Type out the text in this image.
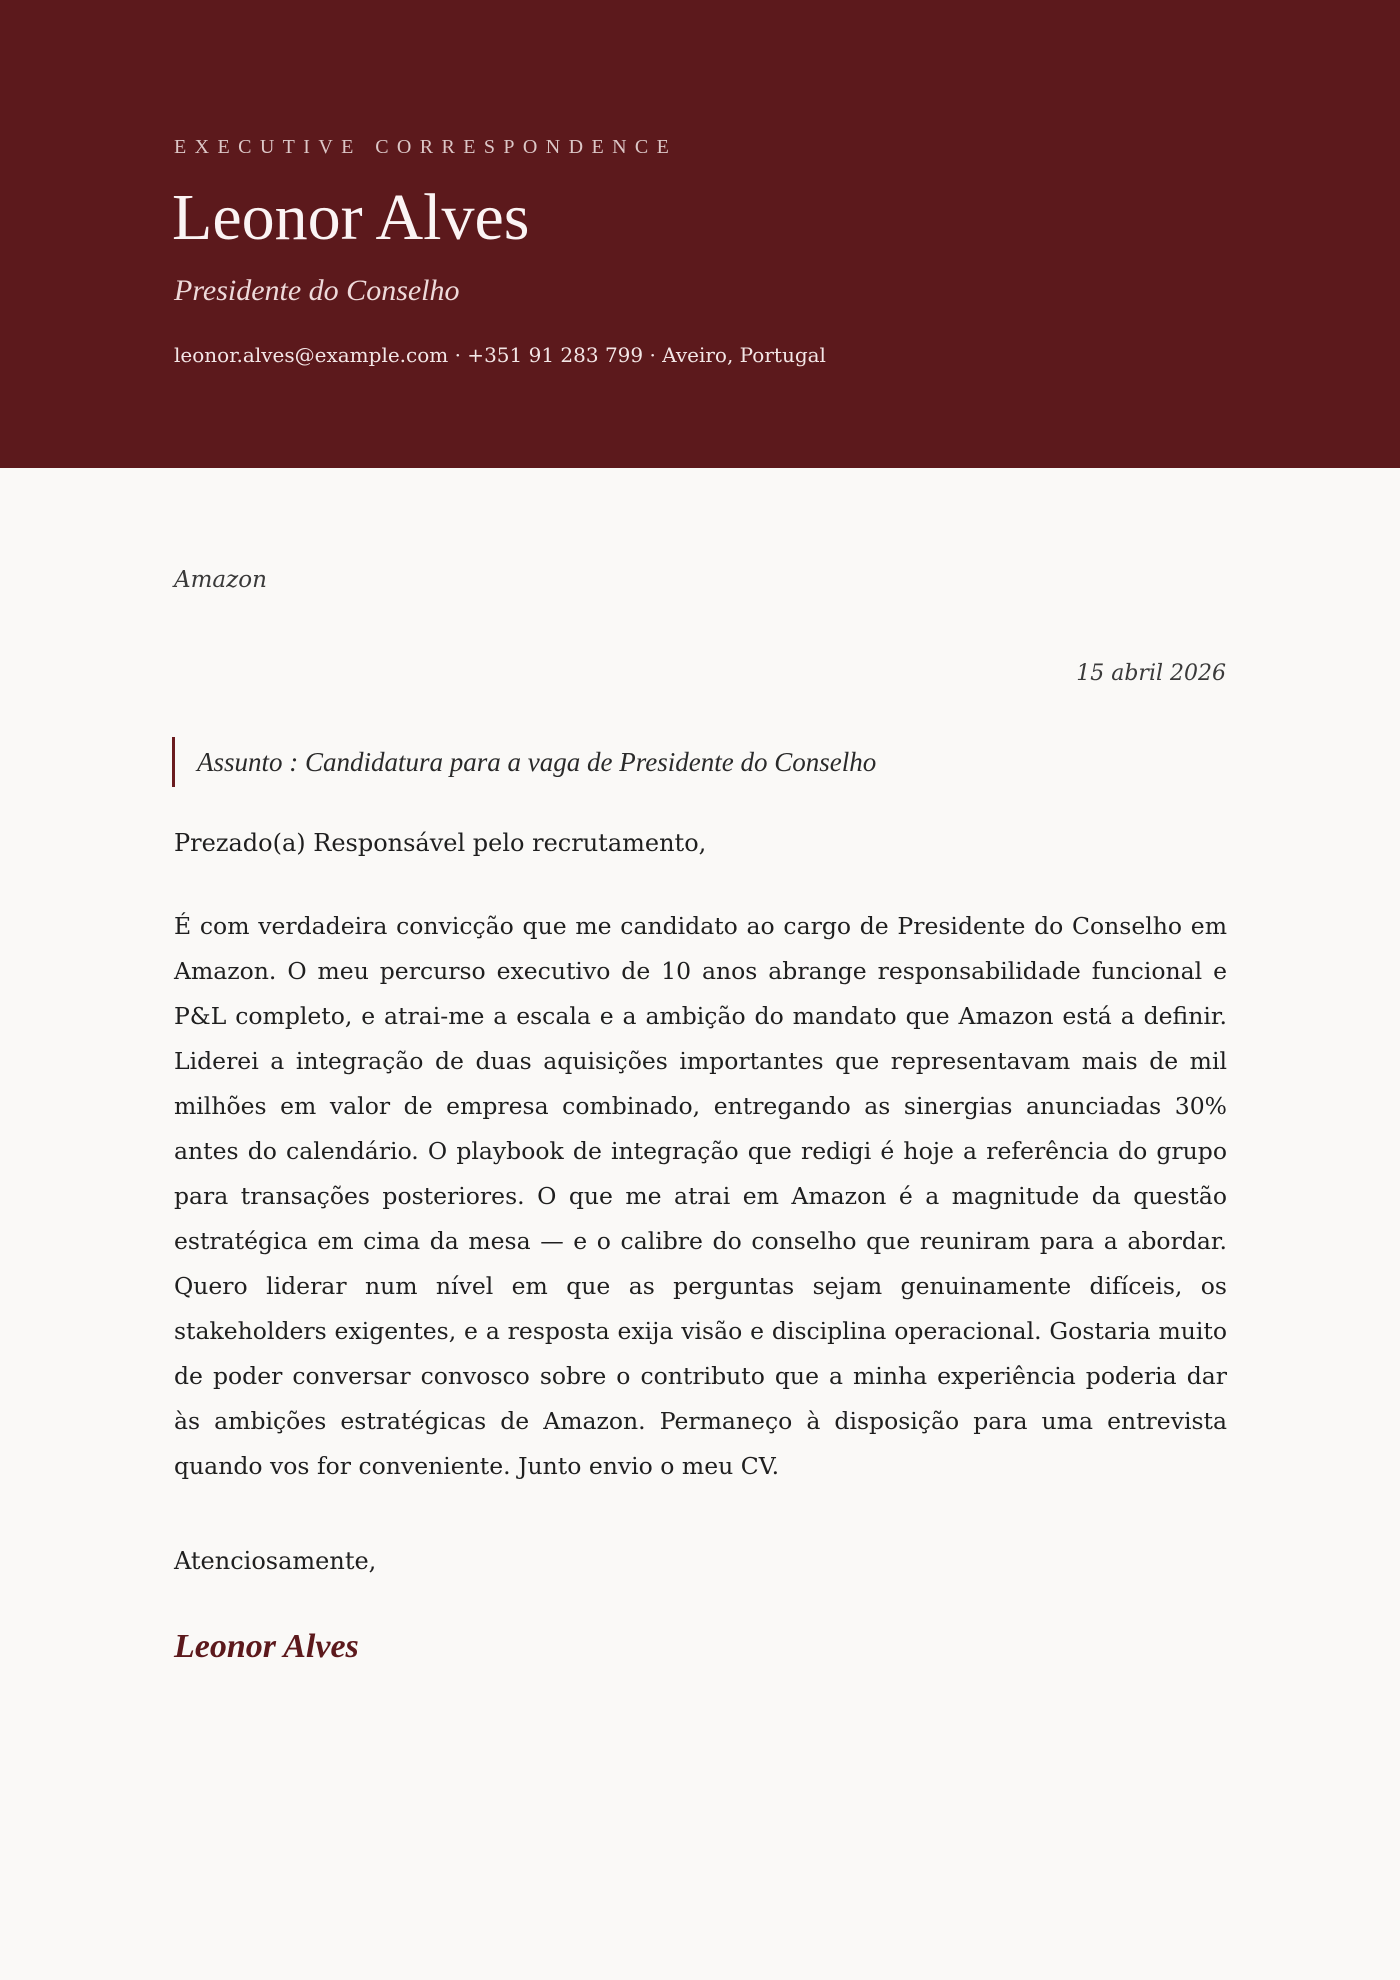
EXECUTIVE CORRESPONDENCE
Leonor Alves
Presidente do Conselho
leonor.alves@example.com · +351 91 283 799 · Aveiro, Portugal
Amazon
15 abril 2026
Assunto : Candidatura para a vaga de Presidente do Conselho
Prezado(a) Responsável pelo recrutamento,

É com verdadeira convicção que me candidato ao cargo de Presidente do Conselho em Amazon. O meu percurso executivo de 10 anos abrange responsabilidade funcional e P&L completo, e atrai-me a escala e a ambição do mandato que Amazon está a definir. Liderei a integração de duas aquisições importantes que representavam mais de mil milhões em valor de empresa combinado, entregando as sinergias anunciadas 30% antes do calendário. O playbook de integração que redigi é hoje a referência do grupo para transações posteriores. O que me atrai em Amazon é a magnitude da questão estratégica em cima da mesa — e o calibre do conselho que reuniram para a abordar. Quero liderar num nível em que as perguntas sejam genuinamente difíceis, os stakeholders exigentes, e a resposta exija visão e disciplina operacional. Gostaria muito de poder conversar convosco sobre o contributo que a minha experiência poderia dar às ambições estratégicas de Amazon. Permaneço à disposição para uma entrevista quando vos for conveniente. Junto envio o meu CV.

Atenciosamente,
Leonor Alves
